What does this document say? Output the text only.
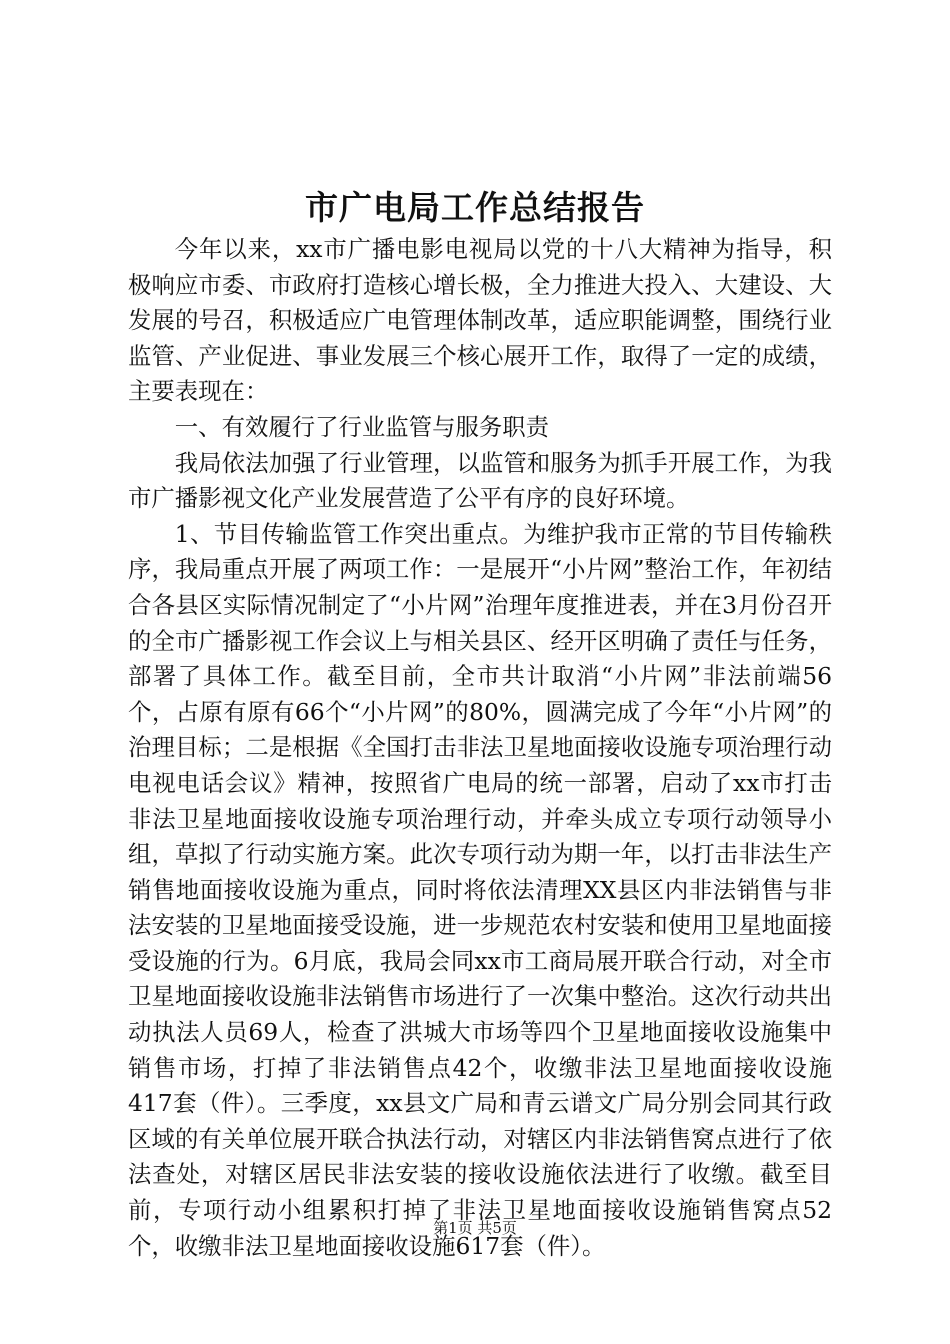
市广电局工作总结报告

今年以来，xx市广播电影电视局以党的十八大精神为指导，积极响应市委、市政府打造核心增长极，全力推进大投入、大建设、大发展的号召，积极适应广电管理体制改革，适应职能调整，围绕行业监管、产业促进、事业发展三个核心展开工作，取得了一定的成绩，主要表现在：

一、有效履行了行业监管与服务职责

我局依法加强了行业管理，以监管和服务为抓手开展工作，为我市广播影视文化产业发展营造了公平有序的良好环境。

1、节目传输监管工作突出重点。为维护我市正常的节目传输秩序，我局重点开展了两项工作：一是展开“小片网”整治工作，年初结合各县区实际情况制定了“小片网”治理年度推进表，并在3月份召开的全市广播影视工作会议上与相关县区、经开区明确了责任与任务，部署了具体工作。截至目前，全市共计取消“小片网”非法前端56个，占原有原有66个“小片网”的80%，圆满完成了今年“小片网”的治理目标；二是根据《全国打击非法卫星地面接收设施专项治理行动电视电话会议》精神，按照省广电局的统一部署，启动了xx市打击非法卫星地面接收设施专项治理行动，并牵头成立专项行动领导小组，草拟了行动实施方案。此次专项行动为期一年，以打击非法生产销售地面接收设施为重点，同时将依法清理XX县区内非法销售与非法安装的卫星地面接受设施，进一步规范农村安装和使用卫星地面接受设施的行为。6月底，我局会同xx市工商局展开联合行动，对全市卫星地面接收设施非法销售市场进行了一次集中整治。这次行动共出动执法人员69人，检查了洪城大市场等四个卫星地面接收设施集中销售市场，打掉了非法销售点42个，收缴非法卫星地面接收设施417套（件）。三季度，xx县文广局和青云谱文广局分别会同其行政区域的有关单位展开联合执法行动，对辖区内非法销售窝点进行了依法查处，对辖区居民非法安装的接收设施依法进行了收缴。截至目前，专项行动小组累积打掉了非法卫星地面接收设施销售窝点52个，收缴非法卫星地面接收设施617套（件）。

第1页 共5页
